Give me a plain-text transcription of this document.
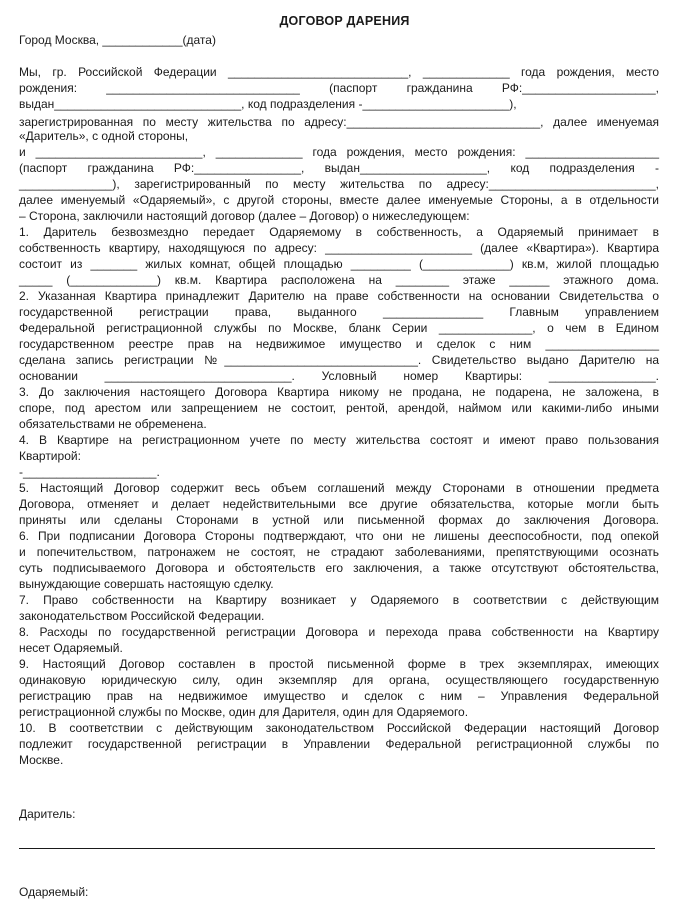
ДОГОВОР ДАРЕНИЯ
Город Москва, ____________(дата)
Мы, гр. Российской Федерации ___________________________, _____________ года рождения, место
рождения: _____________________________ (паспорт гражданина РФ:____________________,
выдан____________________________, код подразделения -______________________),
зарегистрированная по месту жительства по адресу:_____________________________, далее именуемая
«Даритель», с одной стороны,
и _________________________, _____________ года рождения, место рождения: ____________________
(паспорт гражданина РФ:________________, выдан___________________, код подразделения -
______________), зарегистрированный по месту жительства по адресу:_________________________,
далее именуемый «Одаряемый», с другой стороны, вместе далее именуемые Стороны, а в отдельности
– Сторона, заключили настоящий договор (далее – Договор) о нижеследующем:
1. Даритель безвозмездно передает Одаряемому в собственность, а Одаряемый принимает в
собственность квартиру, находящуюся по адресу: ______________________ (далее «Квартира»). Квартира
состоит из _______ жилых комнат, общей площадью _________ (_____________) кв.м, жилой площадью
_____ (_____________) кв.м. Квартира расположена на ________ этаже ______ этажного дома.
2. Указанная Квартира принадлежит Дарителю на праве собственности на основании Свидетельства о
государственной регистрации права, выданного _______________ Главным управлением
Федеральной регистрационной службы по Москве, бланк Серии ______________, о чем в Едином
государственном реестре прав на недвижимое имущество и сделок с ним _________________
сделана запись регистрации №_____________________________. Свидетельство выдано Дарителю на
основании ____________________________. Условный номер Квартиры: ________________.
3. До заключения настоящего Договора Квартира никому не продана, не подарена, не заложена, в
споре, под арестом или запрещением не состоит, рентой, арендой, наймом или какими-либо иными
обязательствами не обременена.
4. В Квартире на регистрационном учете по месту жительства состоят и имеют право пользования
Квартирой:
-____________________.
5. Настоящий Договор содержит весь объем соглашений между Сторонами в отношении предмета
Договора, отменяет и делает недействительными все другие обязательства, которые могли быть
приняты или сделаны Сторонами в устной или письменной формах до заключения Договора.
6. При подписании Договора Стороны подтверждают, что они не лишены дееспособности, под опекой
и попечительством, патронажем не состоят, не страдают заболеваниями, препятствующими осознать
суть подписываемого Договора и обстоятельств его заключения, а также отсутствуют обстоятельства,
вынуждающие совершать настоящую сделку.
7. Право собственности на Квартиру возникает у Одаряемого в соответствии с действующим
законодательством Российской Федерации.
8. Расходы по государственной регистрации Договора и перехода права собственности на Квартиру
несет Одаряемый.
9. Настоящий Договор составлен в простой письменной форме в трех экземплярах, имеющих
одинаковую юридическую силу, один экземпляр для органа, осуществляющего государственную
регистрацию прав на недвижимое имущество и сделок с ним – Управления Федеральной
регистрационной службы по Москве, один для Дарителя, один для Одаряемого.
10. В соответствии с действующим законодательством Российской Федерации настоящий Договор
подлежит государственной регистрации в Управлении Федеральной регистрационной службы по
Москве.
Даритель:
Одаряемый:
